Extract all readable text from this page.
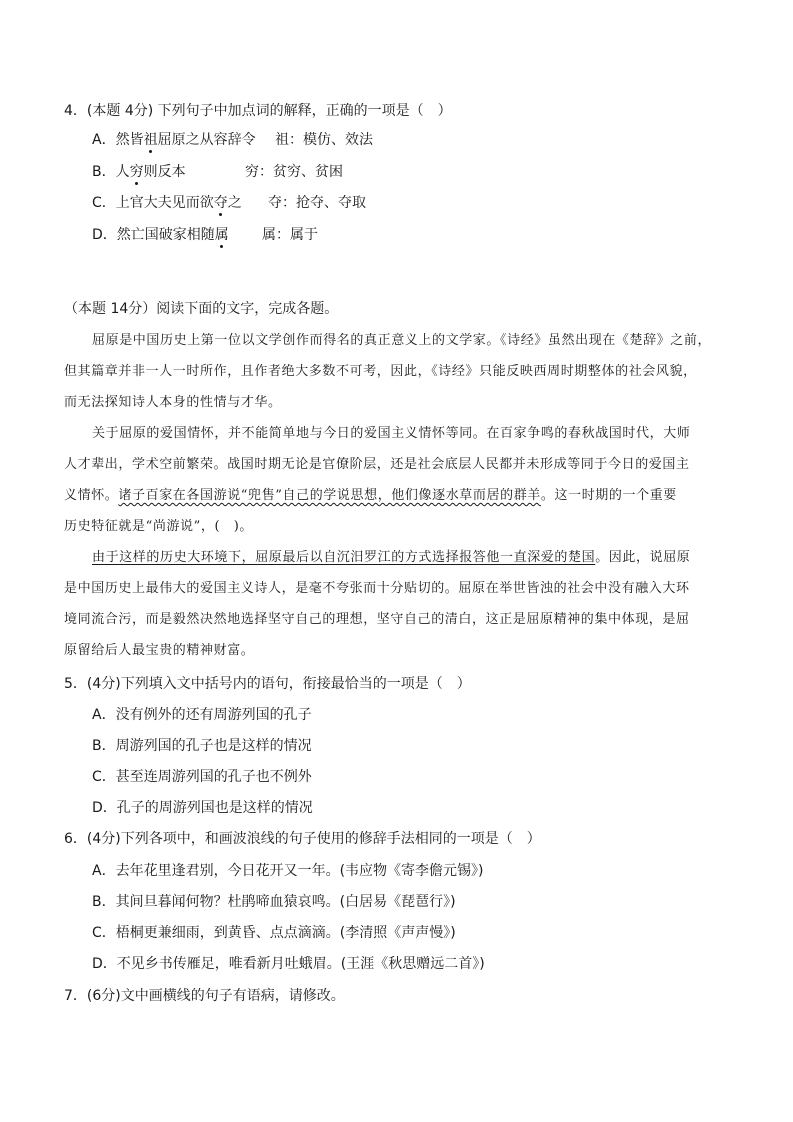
4．(本题 4分) 下列句子中加点词的解释，正确的一项是（　）
A．然皆祖屈原之从容辞令 祖：模仿、效法
B．人穷则反本	穷：贫穷、贫困
C．上官大夫见而欲夺之 夺：抢夺、夺取
D．然亡国破家相随属 属：属于
（本题 14分）阅读下面的文字，完成各题。
屈原是中国历史上第一位以文学创作而得名的真正意义上的文学家。《诗经》虽然出现在《楚辞》之前，
但其篇章并非一人一时所作，且作者绝大多数不可考，因此，《诗经》只能反映西周时期整体的社会风貌，
而无法探知诗人本身的性情与才华。
关于屈原的爱国情怀，并不能简单地与今日的爱国主义情怀等同。在百家争鸣的春秋战国时代，大师
人才辈出，学术空前繁荣。战国时期无论是官僚阶层，还是社会底层人民都并未形成等同于今日的爱国主
义情怀。诸子百家在各国游说“兜售”自己的学说思想，他们像逐水草而居的群羊。这一时期的一个重要
历史特征就是“尚游说”，(　)。
由于这样的历史大环境下，屈原最后以自沉汨罗江的方式选择报答他一直深爱的楚国。因此，说屈原
是中国历史上最伟大的爱国主义诗人，是毫不夸张而十分贴切的。屈原在举世皆浊的社会中没有融入大环
境同流合污，而是毅然决然地选择坚守自己的理想，坚守自己的清白，这正是屈原精神的集中体现，是屈
原留给后人最宝贵的精神财富。
5．(4分)下列填入文中括号内的语句，衔接最恰当的一项是（　）
A．没有例外的还有周游列国的孔子
B．周游列国的孔子也是这样的情况
C．甚至连周游列国的孔子也不例外
D．孔子的周游列国也是这样的情况
6．(4分)下列各项中，和画波浪线的句子使用的修辞手法相同的一项是（　）
A．去年花里逢君别，今日花开又一年。(韦应物《寄李儋元锡》)
B．其间旦暮闻何物？杜鹃啼血猿哀鸣。(白居易《琵琶行》)
C．梧桐更兼细雨，到黄昏、点点滴滴。(李清照《声声慢》)
D．不见乡书传雁足，唯看新月吐蛾眉。(王涯《秋思赠远二首》)
7．(6分)文中画横线的句子有语病，请修改。
